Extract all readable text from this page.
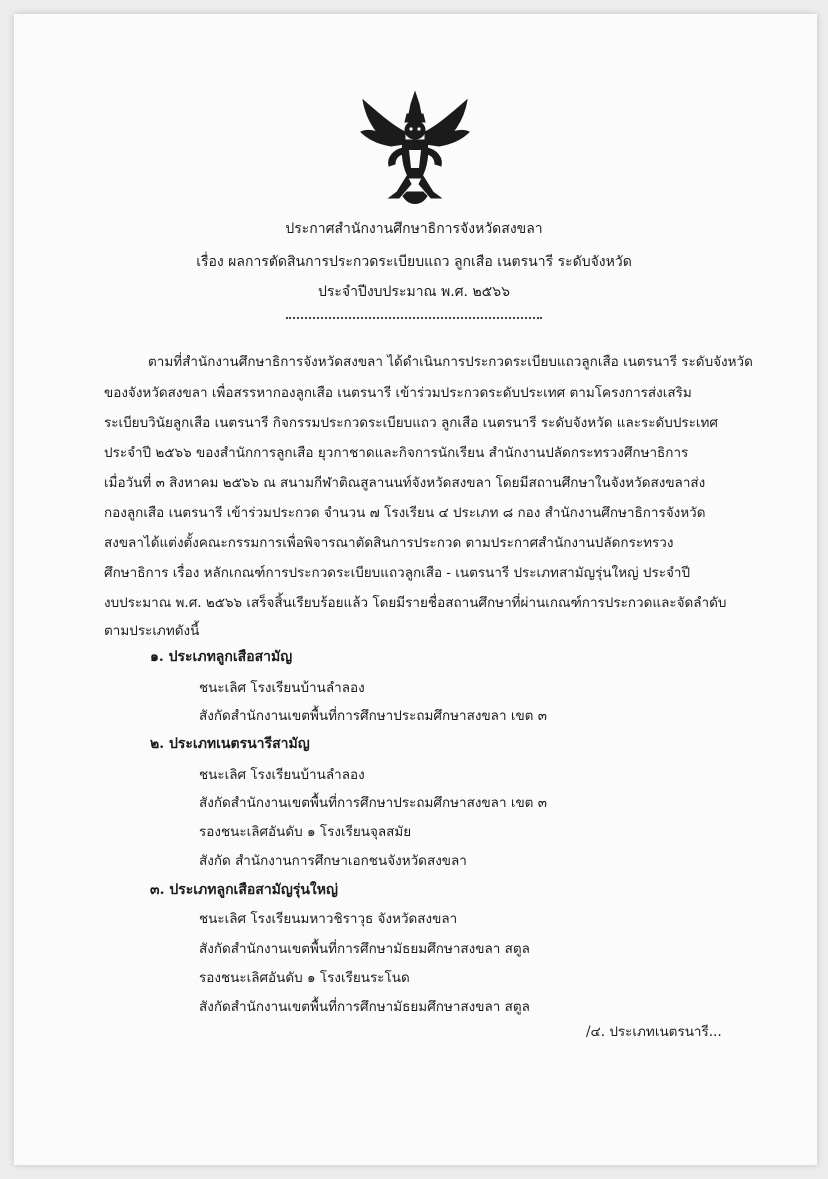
ประกาศสำนักงานศึกษาธิการจังหวัดสงขลา
เรื่อง ผลการตัดสินการประกวดระเบียบแถว ลูกเสือ เนตรนารี ระดับจังหวัด
ประจำปีงบประมาณ พ.ศ. ๒๕๖๖
ตามที่สำนักงานศึกษาธิการจังหวัดสงขลา ได้ดำเนินการประกวดระเบียบแถวลูกเสือ เนตรนารี ระดับจังหวัด
ของจังหวัดสงขลา เพื่อสรรหากองลูกเสือ เนตรนารี เข้าร่วมประกวดระดับประเทศ ตามโครงการส่งเสริม
ระเบียบวินัยลูกเสือ เนตรนารี กิจกรรมประกวดระเบียบแถว ลูกเสือ เนตรนารี ระดับจังหวัด และระดับประเทศ
ประจำปี ๒๕๖๖ ของสำนักการลูกเสือ ยุวกาชาดและกิจการนักเรียน สำนักงานปลัดกระทรวงศึกษาธิการ
เมื่อวันที่ ๓ สิงหาคม ๒๕๖๖ ณ สนามกีฬาติณสูลานนท์จังหวัดสงขลา โดยมีสถานศึกษาในจังหวัดสงขลาส่ง
กองลูกเสือ เนตรนารี เข้าร่วมประกวด จำนวน ๗ โรงเรียน ๔ ประเภท ๘ กอง สำนักงานศึกษาธิการจังหวัด
สงขลาได้แต่งตั้งคณะกรรมการเพื่อพิจารณาตัดสินการประกวด ตามประกาศสำนักงานปลัดกระทรวง
ศึกษาธิการ เรื่อง หลักเกณฑ์การประกวดระเบียบแถวลูกเสือ - เนตรนารี ประเภทสามัญรุ่นใหญ่ ประจำปี
งบประมาณ พ.ศ. ๒๕๖๖ เสร็จสิ้นเรียบร้อยแล้ว โดยมีรายชื่อสถานศึกษาที่ผ่านเกณฑ์การประกวดและจัดลำดับ
ตามประเภทดังนี้
๑. ประเภทลูกเสือสามัญ
ชนะเลิศ โรงเรียนบ้านลำลอง
สังกัดสำนักงานเขตพื้นที่การศึกษาประถมศึกษาสงขลา เขต ๓
๒. ประเภทเนตรนารีสามัญ
ชนะเลิศ โรงเรียนบ้านลำลอง
สังกัดสำนักงานเขตพื้นที่การศึกษาประถมศึกษาสงขลา เขต ๓
รองชนะเลิศอันดับ ๑ โรงเรียนจุลสมัย
สังกัด สำนักงานการศึกษาเอกชนจังหวัดสงขลา
๓. ประเภทลูกเสือสามัญรุ่นใหญ่
ชนะเลิศ โรงเรียนมหาวชิราวุธ จังหวัดสงขลา
สังกัดสำนักงานเขตพื้นที่การศึกษามัธยมศึกษาสงขลา สตูล
รองชนะเลิศอันดับ ๑ โรงเรียนระโนด
สังกัดสำนักงานเขตพื้นที่การศึกษามัธยมศึกษาสงขลา สตูล
/๔. ประเภทเนตรนารี...
